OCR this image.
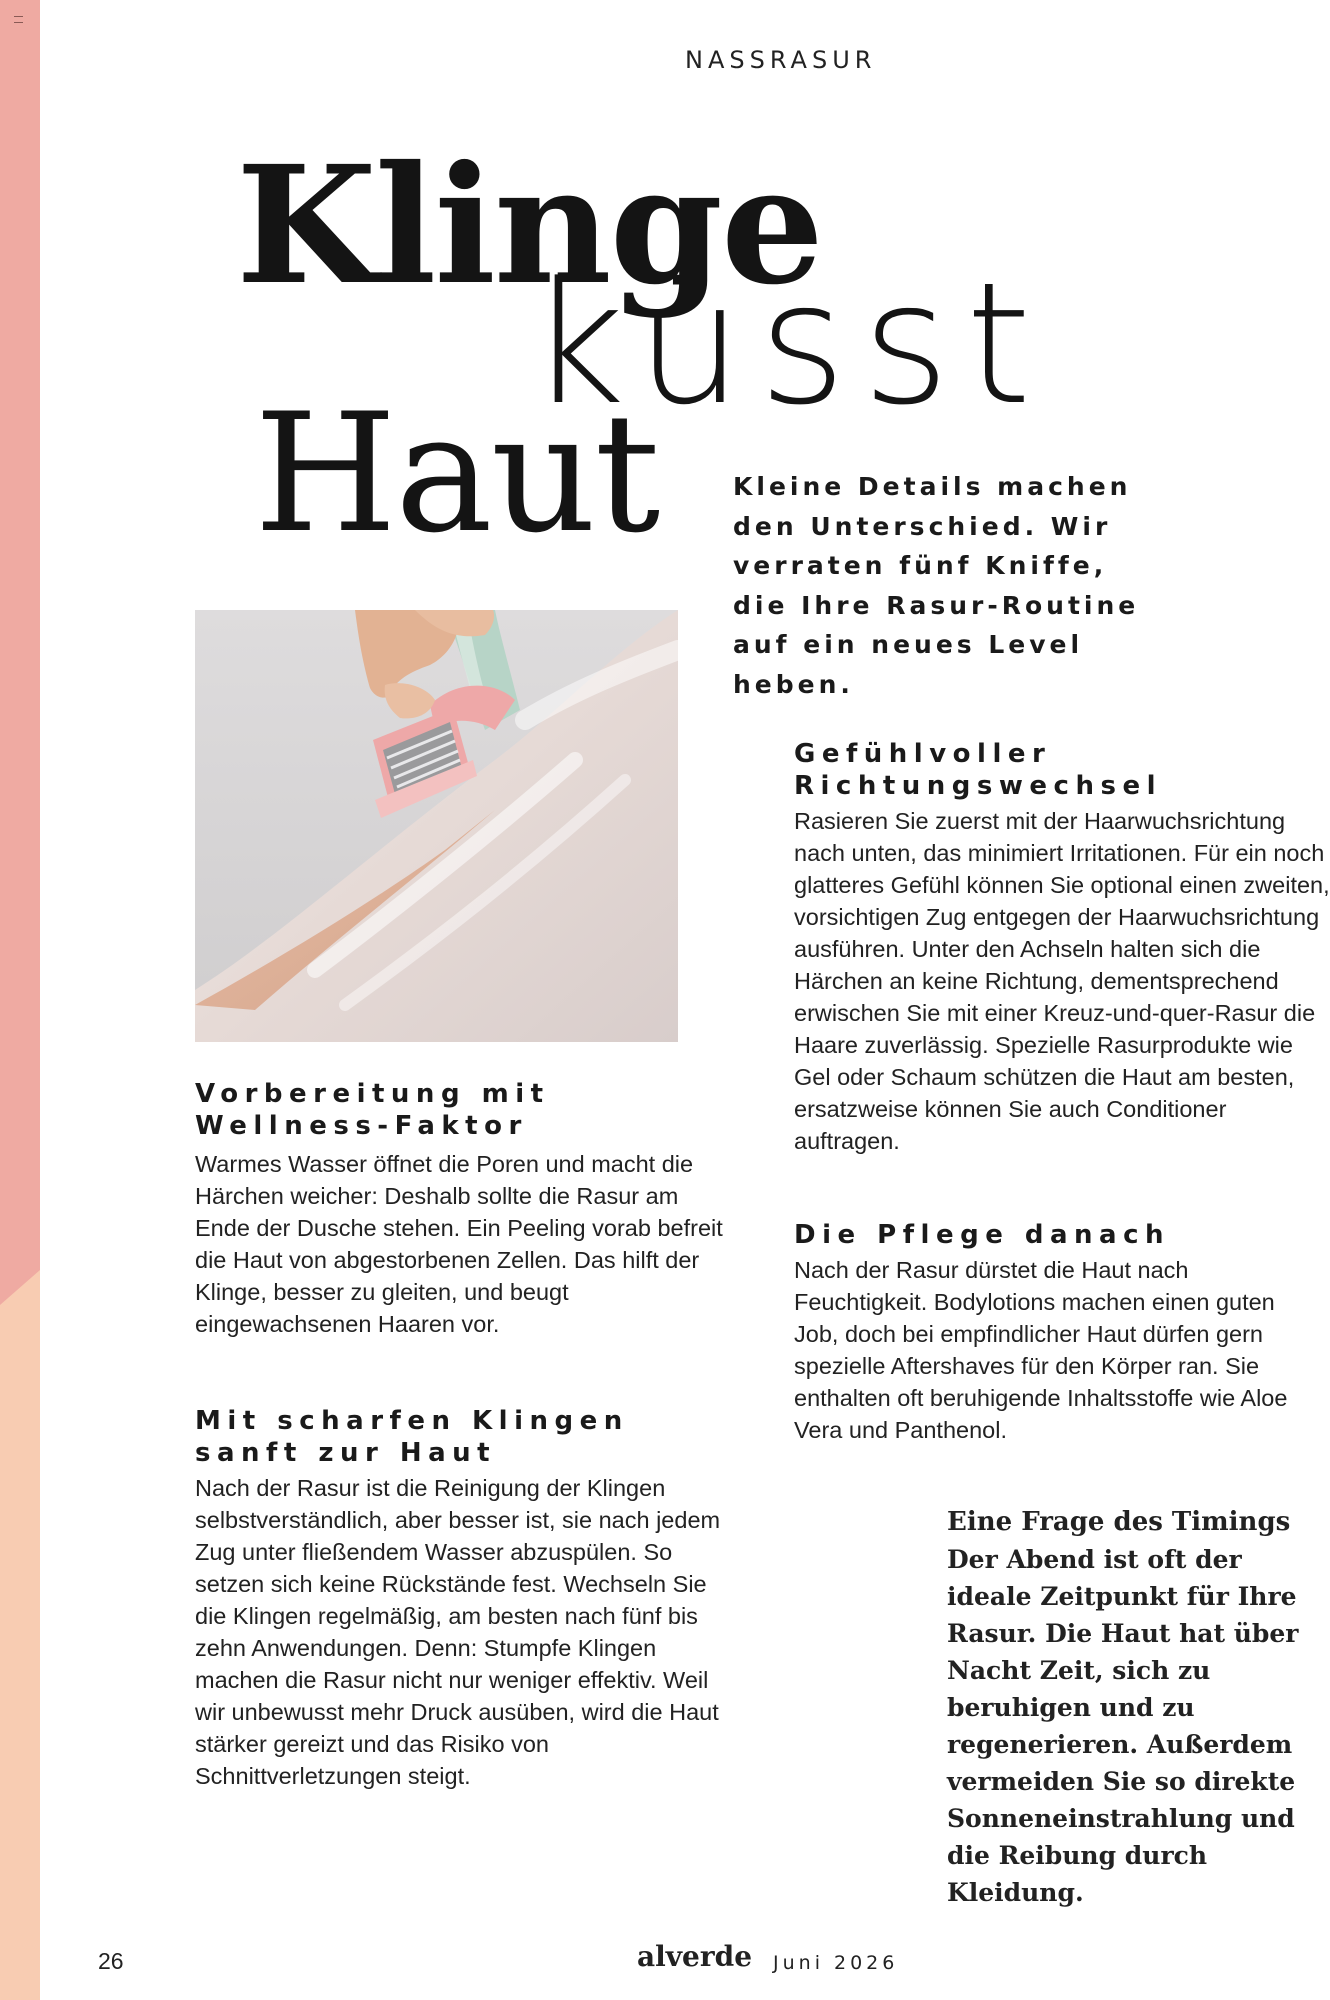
NASSRASUR
Klinge
küsst
Haut	Kleine Details machen den Unterschied. Wir verraten fünf Kniffe, die Ihre Rasur-Routine auf ein neues Level heben.

Vorbereitung mit Wellness-Faktor

Warmes Wasser öffnet die Poren und macht die Härchen weicher: Deshalb sollte die Rasur am Ende der Dusche stehen. Ein Peeling vorab befreit die Haut von abgestorbenen Zellen. Das hilft der Klinge, besser zu gleiten, und beugt eingewachsenen Haaren vor.

Mit scharfen Klingen sanft zur Haut

Nach der Rasur ist die Reinigung der Klingen selbstverständlich, aber besser ist, sie nach jedem Zug unter fließendem Wasser abzuspülen. So setzen sich keine Rückstände fest. Wechseln Sie die Klingen regelmäßig, am besten nach fünf bis zehn Anwendungen. Denn: Stumpfe Klingen machen die Rasur nicht nur weniger effektiv. Weil wir unbewusst mehr Druck ausüben, wird die Haut stärker gereizt und das Risiko von Schnittverletzungen steigt.

Gefühlvoller Richtungswechsel

Rasieren Sie zuerst mit der Haarwuchsrichtung nach unten, das minimiert Irritationen. Für ein noch glatteres Gefühl können Sie optional einen zweiten, vorsichtigen Zug entgegen der Haarwuchsrichtung ausführen. Unter den Achseln halten sich die Härchen an keine Richtung, dementsprechend erwischen Sie mit einer Kreuz-und-quer-Rasur die Haare zuverlässig. Spezielle Rasurprodukte wie Gel oder Schaum schützen die Haut am besten, ersatzweise können Sie auch Conditioner auftragen.

Die Pflege danach

Nach der Rasur dürstet die Haut nach Feuchtigkeit. Bodylotions machen einen guten Job, doch bei empfindlicher Haut dürfen gern spezielle Aftershaves für den Körper ran. Sie enthalten oft beruhigende Inhaltsstoffe wie Aloe Vera und Panthenol.

Eine Frage des Timings

Der Abend ist oft der ideale Zeitpunkt für Ihre Rasur. Die Haut hat über Nacht Zeit, sich zu beruhigen und zu regenerieren. Außerdem vermeiden Sie so direkte Sonneneinstrahlung und die Reibung durch Kleidung.

26	alverde Juni 2026
